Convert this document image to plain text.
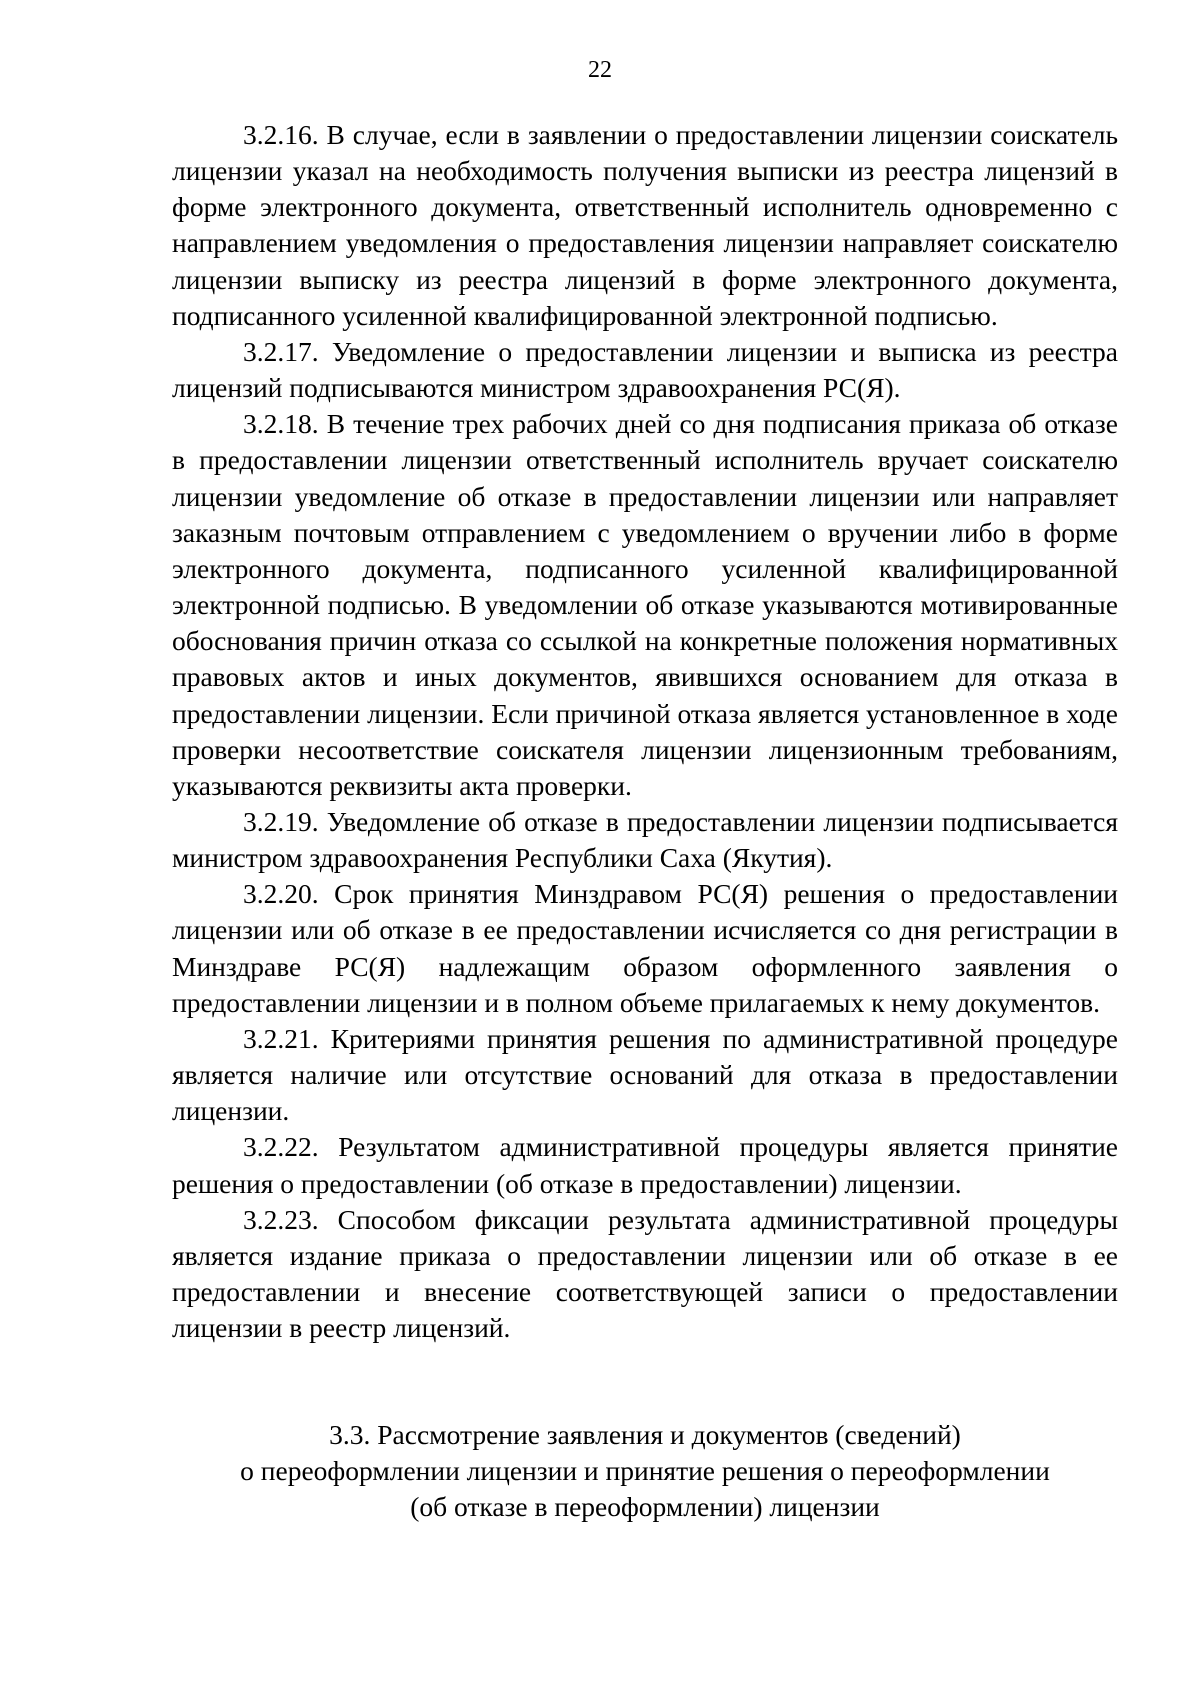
22

3.2.16. В случае, если в заявлении о предоставлении лицензии соискатель лицензии указал на необходимость получения выписки из реестра лицензий в форме электронного документа, ответственный исполнитель одновременно с направлением уведомления о предоставления лицензии направляет соискателю лицензии выписку из реестра лицензий в форме электронного документа, подписанного усиленной квалифицированной электронной подписью.

3.2.17. Уведомление о предоставлении лицензии и выписка из реестра лицензий подписываются министром здравоохранения РС(Я).

3.2.18. В течение трех рабочих дней со дня подписания приказа об отказе в предоставлении лицензии ответственный исполнитель вручает соискателю лицензии уведомление об отказе в предоставлении лицензии или направляет заказным почтовым отправлением с уведомлением о вручении либо в форме электронного документа, подписанного усиленной квалифицированной электронной подписью. В уведомлении об отказе указываются мотивированные обоснования причин отказа со ссылкой на конкретные положения нормативных правовых актов и иных документов, явившихся основанием для отказа в предоставлении лицензии. Если причиной отказа является установленное в ходе проверки несоответствие соискателя лицензии лицензионным требованиям, указываются реквизиты акта проверки.

3.2.19. Уведомление об отказе в предоставлении лицензии подписывается министром здравоохранения Республики Саха (Якутия).

3.2.20. Срок принятия Минздравом РС(Я) решения о предоставлении лицензии или об отказе в ее предоставлении исчисляется со дня регистрации в Минздраве РС(Я) надлежащим образом оформленного заявления о предоставлении лицензии и в полном объеме прилагаемых к нему документов.

3.2.21. Критериями принятия решения по административной процедуре является наличие или отсутствие оснований для отказа в предоставлении лицензии.

3.2.22. Результатом административной процедуры является принятие решения о предоставлении (об отказе в предоставлении) лицензии.

3.2.23. Способом фиксации результата административной процедуры является издание приказа о предоставлении лицензии или об отказе в ее предоставлении и внесение соответствующей записи о предоставлении лицензии в реестр лицензий.

3.3. Рассмотрение заявления и документов (сведений)
о переоформлении лицензии и принятие решения о переоформлении
(об отказе в переоформлении) лицензии
